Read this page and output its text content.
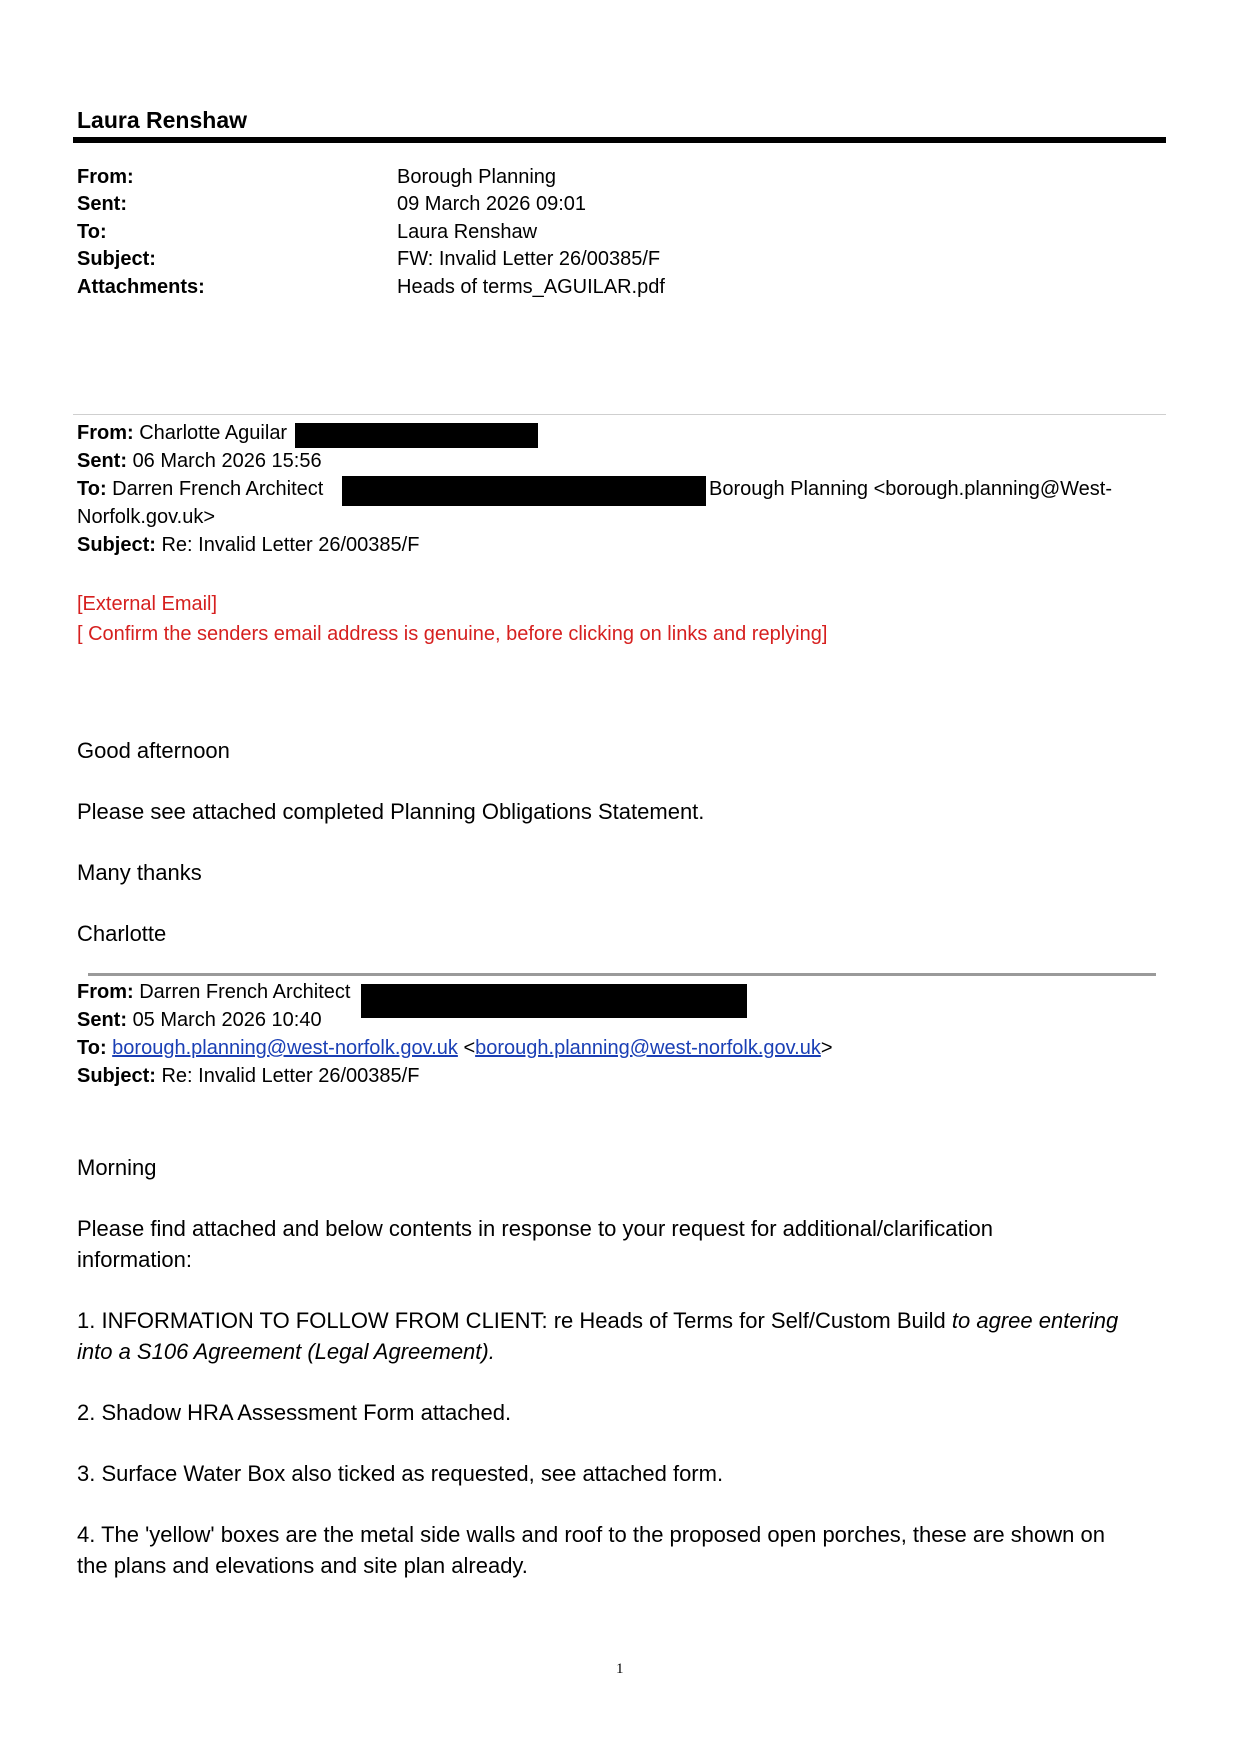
Laura Renshaw
From:	Borough Planning
Sent:	09 March 2026 09:01
To:	Laura Renshaw
Subject:	FW: Invalid Letter 26/00385/F
Attachments:	Heads of terms_AGUILAR.pdf
From: Charlotte Aguilar
Sent: 06 March 2026 15:56
To: Darren French Architect	Borough Planning <borough.planning@West-
Norfolk.gov.uk>
Subject: Re: Invalid Letter 26/00385/F
[External Email]
[ Confirm the senders email address is genuine, before clicking on links and replying]
Good afternoon
Please see attached completed Planning Obligations Statement.
Many thanks
Charlotte
From: Darren French Architect
Sent: 05 March 2026 10:40
To: borough.planning@west-norfolk.gov.uk <borough.planning@west-norfolk.gov.uk>
Subject: Re: Invalid Letter 26/00385/F
Morning
Please find attached and below contents in response to your request for additional/clarification
information:
1. INFORMATION TO FOLLOW FROM CLIENT: re Heads of Terms for Self/Custom Build to agree entering
into a S106 Agreement (Legal Agreement).
2. Shadow HRA Assessment Form attached.
3. Surface Water Box also ticked as requested, see attached form.
4. The 'yellow' boxes are the metal side walls and roof to the proposed open porches, these are shown on
the plans and elevations and site plan already.
1
